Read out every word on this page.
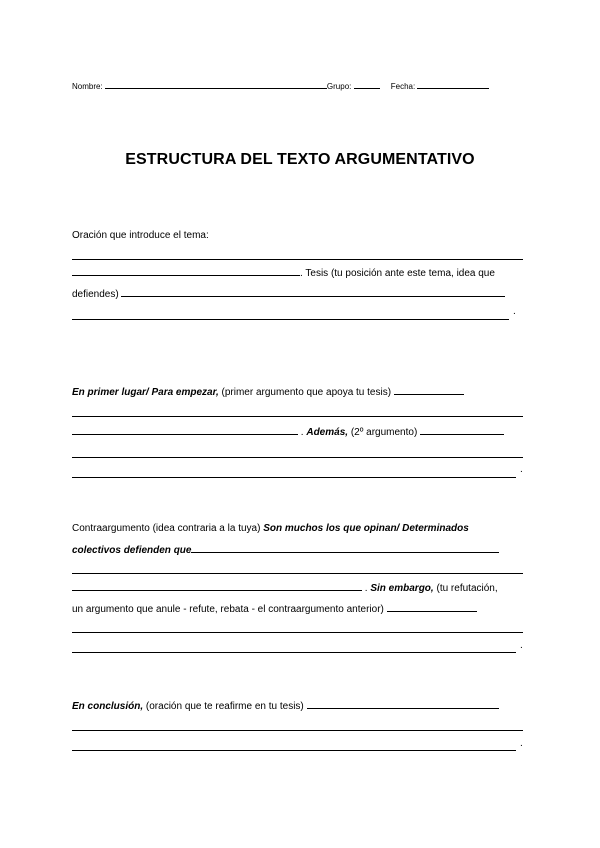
Nombre:	Grupo:	Fecha:
ESTRUCTURA DEL TEXTO ARGUMENTATIVO
Oración que introduce el tema:
. Tesis (tu posición ante este tema, idea que
defiendes)
.
En primer lugar/ Para empezar, (primer argumento que apoya tu tesis)
. Además, (2º argumento)
.
Contraargumento (idea contraria a la tuya) Son muchos los que opinan/ Determinados
colectivos defienden que
. Sin embargo, (tu refutación,
un argumento que anule - refute, rebata - el contraargumento anterior)
.
En conclusión, (oración que te reafirme en tu tesis)
.
